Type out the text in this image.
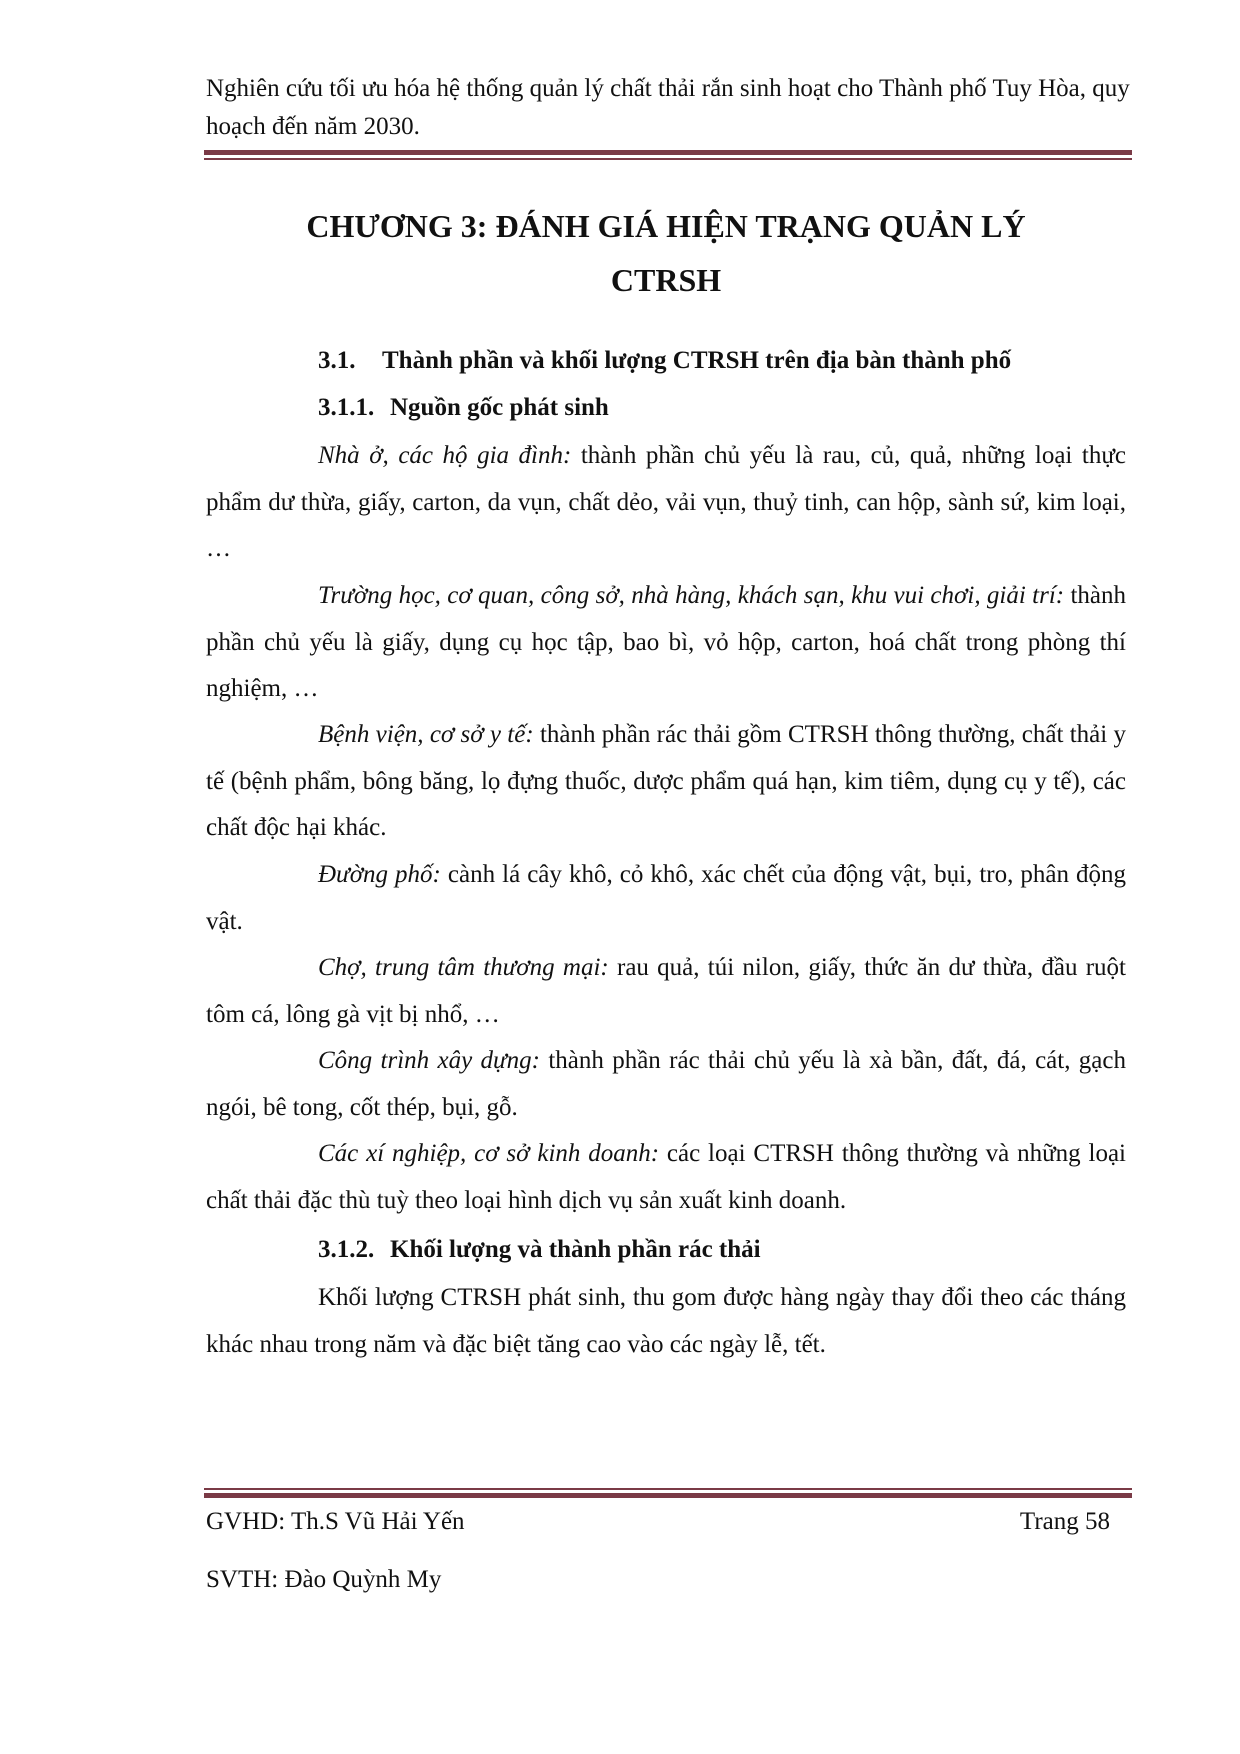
Nghiên cứu tối ưu hóa hệ thống quản lý chất thải rắn sinh hoạt cho Thành phố Tuy Hòa, quy hoạch đến năm 2030.
CHƯƠNG 3: ĐÁNH GIÁ HIỆN TRẠNG QUẢN LÝ
CTRSH
3.1. Thành phần và khối lượng CTRSH trên địa bàn thành phố
3.1.1. Nguồn gốc phát sinh
Nhà ở, các hộ gia đình: thành phần chủ yếu là rau, củ, quả, những loại thực phẩm dư thừa, giấy, carton, da vụn, chất dẻo, vải vụn, thuỷ tinh, can hộp, sành sứ, kim loại, …
Trường học, cơ quan, công sở, nhà hàng, khách sạn, khu vui chơi, giải trí: thành phần chủ yếu là giấy, dụng cụ học tập, bao bì, vỏ hộp, carton, hoá chất trong phòng thí nghiệm, …
Bệnh viện, cơ sở y tế: thành phần rác thải gồm CTRSH thông thường, chất thải y tế (bệnh phẩm, bông băng, lọ đựng thuốc, dược phẩm quá hạn, kim tiêm, dụng cụ y tế), các chất độc hại khác.
Đường phố: cành lá cây khô, cỏ khô, xác chết của động vật, bụi, tro, phân động vật.
Chợ, trung tâm thương mại: rau quả, túi nilon, giấy, thức ăn dư thừa, đầu ruột tôm cá, lông gà vịt bị nhổ, …
Công trình xây dựng: thành phần rác thải chủ yếu là xà bần, đất, đá, cát, gạch ngói, bê tong, cốt thép, bụi, gỗ.
Các xí nghiệp, cơ sở kinh doanh: các loại CTRSH thông thường và những loại chất thải đặc thù tuỳ theo loại hình dịch vụ sản xuất kinh doanh.
3.1.2. Khối lượng và thành phần rác thải
Khối lượng CTRSH phát sinh, thu gom được hàng ngày thay đổi theo các tháng khác nhau trong năm và đặc biệt tăng cao vào các ngày lễ, tết.
GVHD: Th.S Vũ Hải Yến	Trang 58
SVTH: Đào Quỳnh My
